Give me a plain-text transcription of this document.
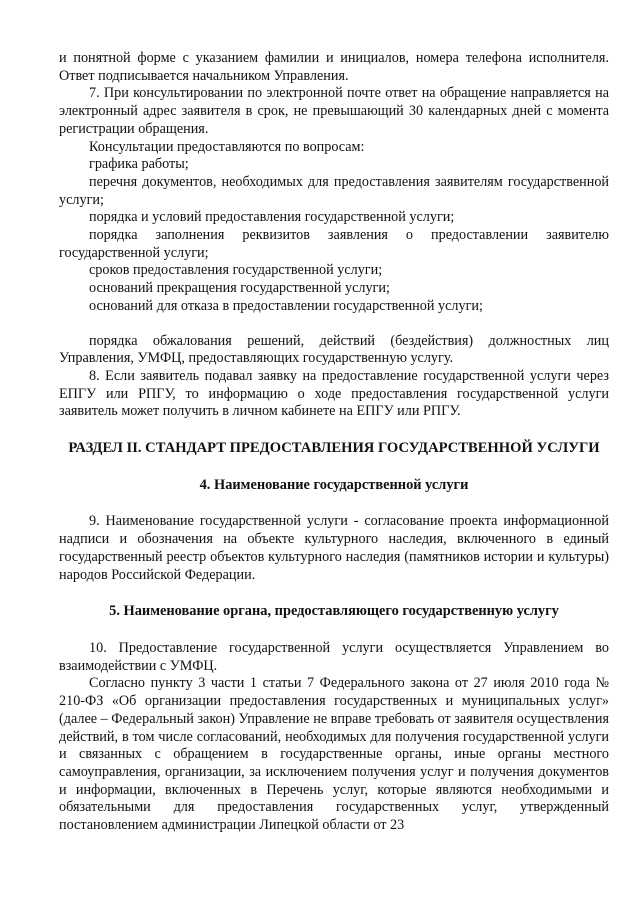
и понятной форме с указанием фамилии и инициалов, номера телефона исполнителя. Ответ подписывается начальником Управления.

7. При консультировании по электронной почте ответ на обращение направляется на электронный адрес заявителя в срок, не превышающий 30 календарных дней с момента регистрации обращения.

Консультации предоставляются по вопросам:

графика работы;

перечня документов, необходимых для предоставления заявителям государственной услуги;

порядка и условий предоставления государственной услуги;

порядка заполнения реквизитов заявления о предоставлении заявителю государственной услуги;

сроков предоставления государственной услуги;

оснований прекращения государственной услуги;

оснований для отказа в предоставлении государственной услуги;

порядка обжалования решений, действий (бездействия) должностных лиц Управления, УМФЦ, предоставляющих государственную услугу.

8. Если заявитель подавал заявку на предоставление государственной услуги через ЕПГУ или РПГУ, то информацию о ходе предоставления государственной услуги заявитель может получить в личном кабинете на ЕПГУ или РПГУ.

РАЗДЕЛ II. СТАНДАРТ ПРЕДОСТАВЛЕНИЯ ГОСУДАРСТВЕННОЙ УСЛУГИ

4. Наименование государственной услуги

9. Наименование государственной услуги - согласование проекта информационной надписи и обозначения на объекте культурного наследия, включенного в единый государственный реестр объектов культурного наследия (памятников истории и культуры) народов Российской Федерации.

5. Наименование органа, предоставляющего государственную услугу

10. Предоставление государственной услуги осуществляется Управлением во взаимодействии с УМФЦ.

Согласно пункту 3 части 1 статьи 7 Федерального закона от 27 июля 2010 года № 210-ФЗ «Об организации предоставления государственных и муниципальных услуг» (далее – Федеральный закон) Управление не вправе требовать от заявителя осуществления действий, в том числе согласований, необходимых для получения государственной услуги и связанных с обращением в государственные органы, иные органы местного самоуправления, организации, за исключением получения услуг и получения документов и информации, включенных в Перечень услуг, которые являются необходимыми и обязательными для предоставления государственных услуг, утвержденный постановлением администрации Липецкой области от 23
